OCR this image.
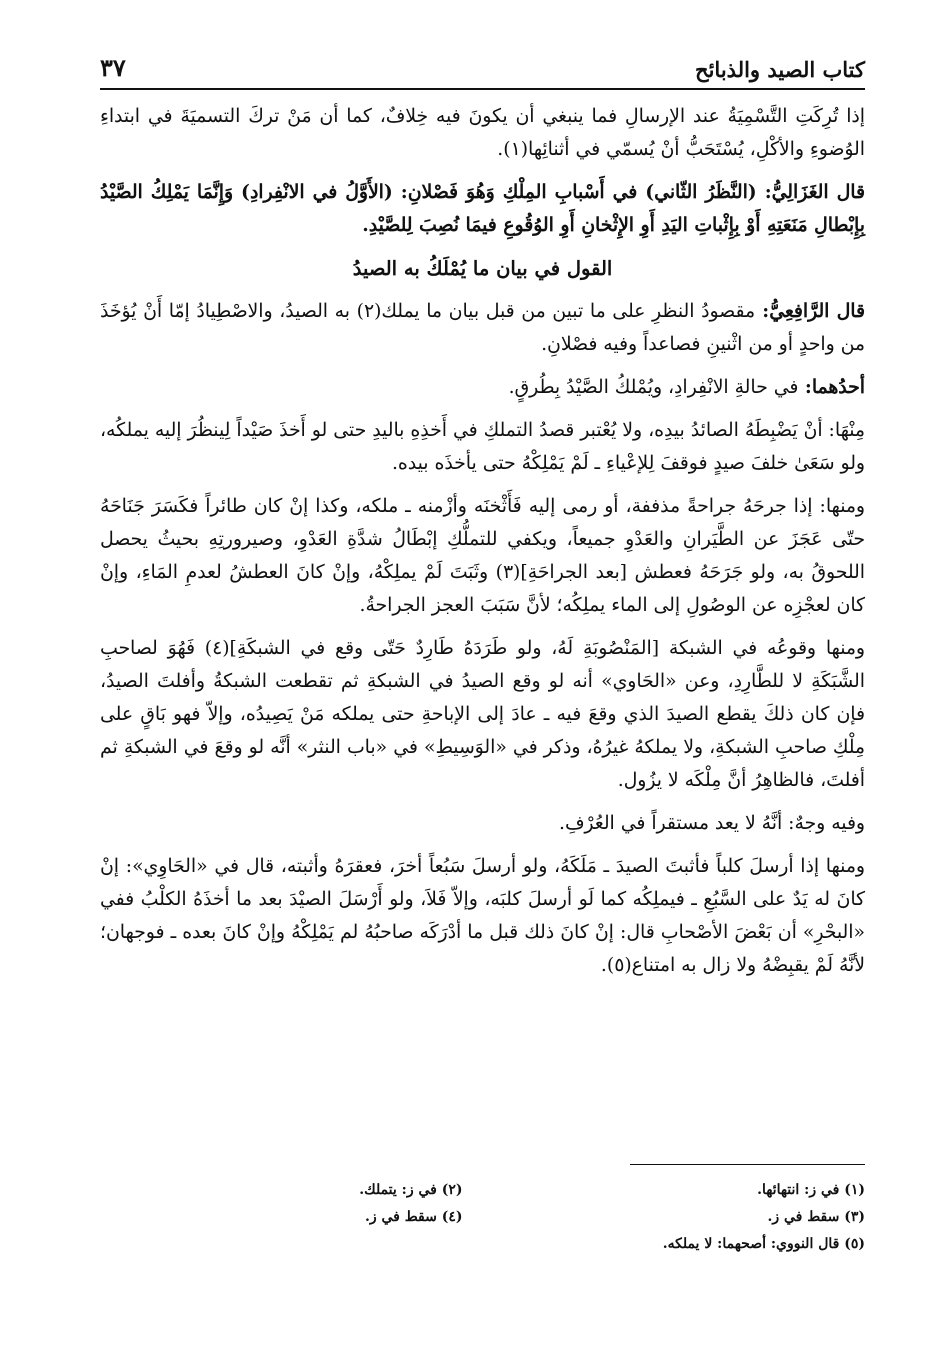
كتاب الصيد والذبائح
٣٧

إذا تُرِكَتِ التَّسْمِيَةُ عند الإرسالِ فما ينبغي أن يكونَ فيه خِلافٌ، كما أن مَنْ تركَ التسميَةَ في ابتداءِ الوُضوءِ والأكْلِ، يُسْتَحَبُّ أنْ يُسمّي في أثنائِها(١).

قال الغَزَالِيُّ: (النَّظَرُ الثّاني) في أَسْبابِ المِلْكِ وَهُوَ فَصْلانِ: (الأَوَّلُ في الانْفِرادِ) وَإِنَّمَا يَمْلِكُ الصَّيْدُ بِإِبْطالِ مَنَعَتِهِ أَوْ بِإِثْباتِ اليَدِ أَوِ الإِثْخانِ أَوِ الوُقُوعِ فيمَا نُصِبَ لِلصَّيْدِ.

القول في بيان ما يُمْلَكُ به الصيدُ

قال الرَّافِعِيُّ: مقصودُ النظرِ على ما تبين من قبل بيان ما يملك(٢) به الصيدُ، والاصْطِيادُ إمّا أَنْ يُؤخَذَ من واحدٍ أو من اثْنينِ فصاعداً وفيه فصْلانِ.

أحدُهما: في حالةِ الانْفِرادِ، ويُمْلكُ الصَّيْدُ بِطُرقٍ.

مِنْهَا: أنْ يَضْبِطَهُ الصائدُ بيدِه، ولا يُعْتبر قصدُ التملكِ في أَخذِهِ باليدِ حتى لو أَخذَ صَيْداً لِينظُرَ إليه يملكُه، ولو سَعَىٰ خلفَ صيدٍ فوقفَ لِلإعْياءِ ـ لَمْ يَمْلِكْهُ حتى يأخذَه بيده.

ومنها: إذا جرحَهُ جراحةً مذففة، أو رمى إليه فَأَثْخنَه وأزْمنه ـ ملكه، وكذا إنْ كان طائراً فكَسَرَ جَنَاحَهُ حتّى عَجَزَ عن الطَّيَرانِ والعَدْوِ جميعاً، ويكفي للتملُّكِ إبْطَالُ شدَّةِ العَدْوِ، وصيرورتِهِ بحيثُ يحصل اللحوقُ به، ولو جَرَحَهُ فعطش [بعد الجراحَةِ](٣) وثَبَتَ لَمْ يملِكْهُ، وإنْ كانَ العطشُ لعدمِ المَاءِ، وإنْ كان لعجْزِه عن الوصُولِ إلى الماء يملِكُه؛ لأنَّ سَبَبَ العجز الجراحةُ.

ومنها وقوعُه في الشبكة [المَنْصُوبَةِ لَهُ، ولو طَرَدَهُ طَارِدٌ حَتّى وقع في الشبكَةِ](٤) فَهُوَ لصاحبِ الشَّبَكَةِ لا للطَّارِدِ، وعن «الحَاوي» أنه لو وقع الصيدُ في الشبكةِ ثم تقطعت الشبكةُ وأفلتَ الصيدُ، فإن كان ذلكَ يقطع الصيدَ الذي وقعَ فيه ـ عادَ إلى الإباحةِ حتى يملكه مَنْ يَصِيدُه، وإلاّ فهو بَاقٍ على مِلْكِ صاحبِ الشبكةِ، ولا يملكهُ غيرُهُ، وذكر في «الوَسِيطِ» في «باب النثر» أنَّه لو وقعَ في الشبكةِ ثم أفلتَ، فالظاهِرُ أنَّ مِلْكَه لا يزُول.

وفيه وجهٌ: أنَّهُ لا يعد مستقراً في العُرْفِ.

ومنها إذا أرسلَ كلباً فأثبتَ الصيدَ ـ مَلَكَهُ، ولو أرسلَ سَبُعاً أخرَ، فعقرَهُ وأثبته، قال في «الحَاوِي»: إنْ كانَ له يَدٌ على السَّبُعِ ـ فيملِكُه كما لَو أرسلَ كلبَه، وإلاّ فَلاَ، ولو أَرْسَلَ الصيْدَ بعد ما أخذَهُ الكلْبُ ففي «البحْرِ» أن بَعْضَ الأصْحابِ قال: إنْ كانَ ذلك قبل ما أدْرَكَه صاحبُهُ لم يَمْلِكْهُ وإنْ كانَ بعده ـ فوجهان؛ لأنَّهُ لَمْ يقبِضْهُ ولا زال به امتناع(٥).

(١) في ز: انتهائها.
(٢) في ز: يتملك.
(٣) سقط في ز.
(٤) سقط في ز.
(٥) قال النووي: أصحهما: لا يملكه.
